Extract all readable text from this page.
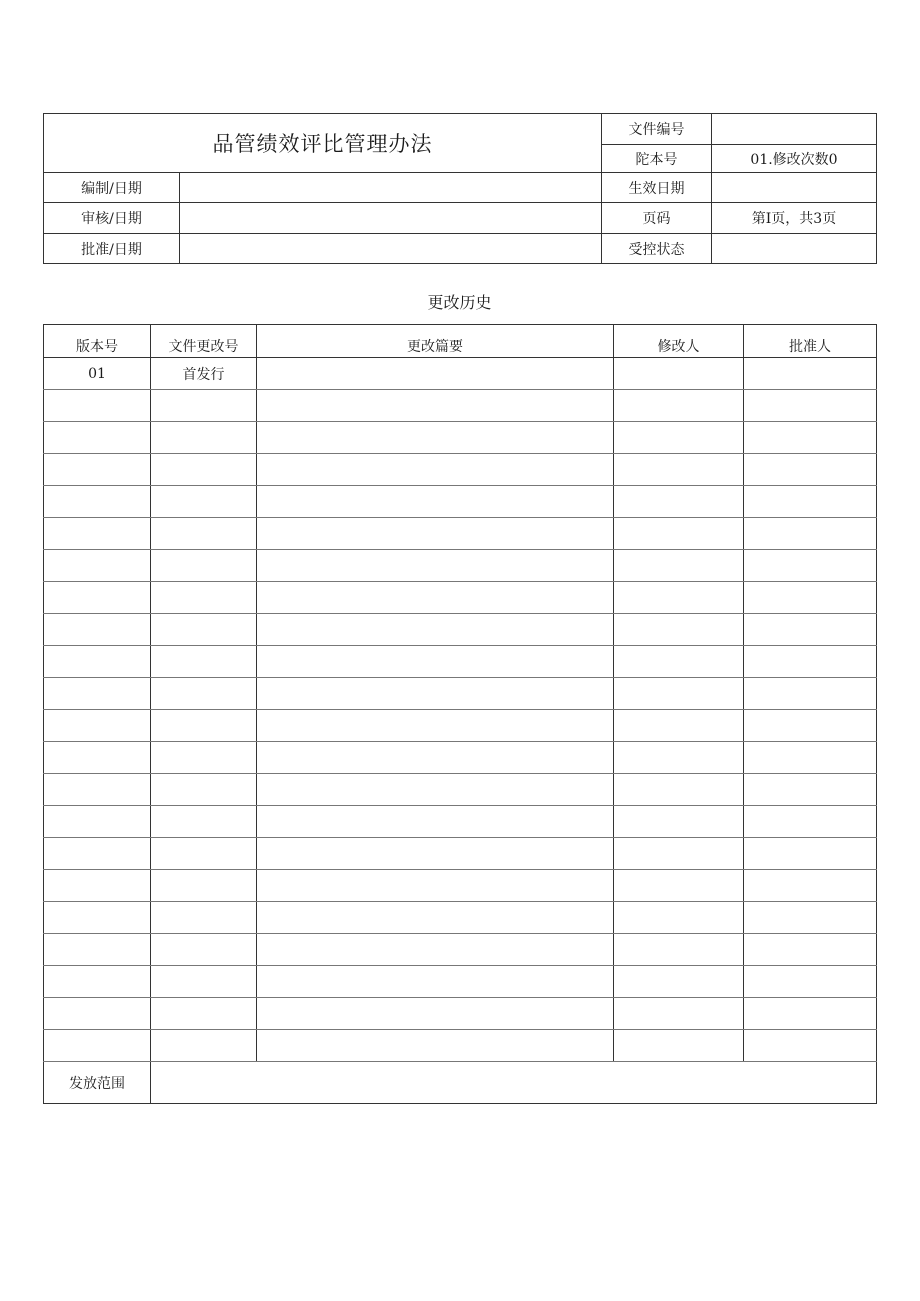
品管绩效评比管理办法		文件编号	
		陀本号	01.修改次数0
编制/日期		生效日期	
审核/日期		页码	第I页，共3页
批准/日期		受控状态	
更改历史
版本号	文件更改号	更改篇要	修改人	批准人
01	首发行			

发放范围				
